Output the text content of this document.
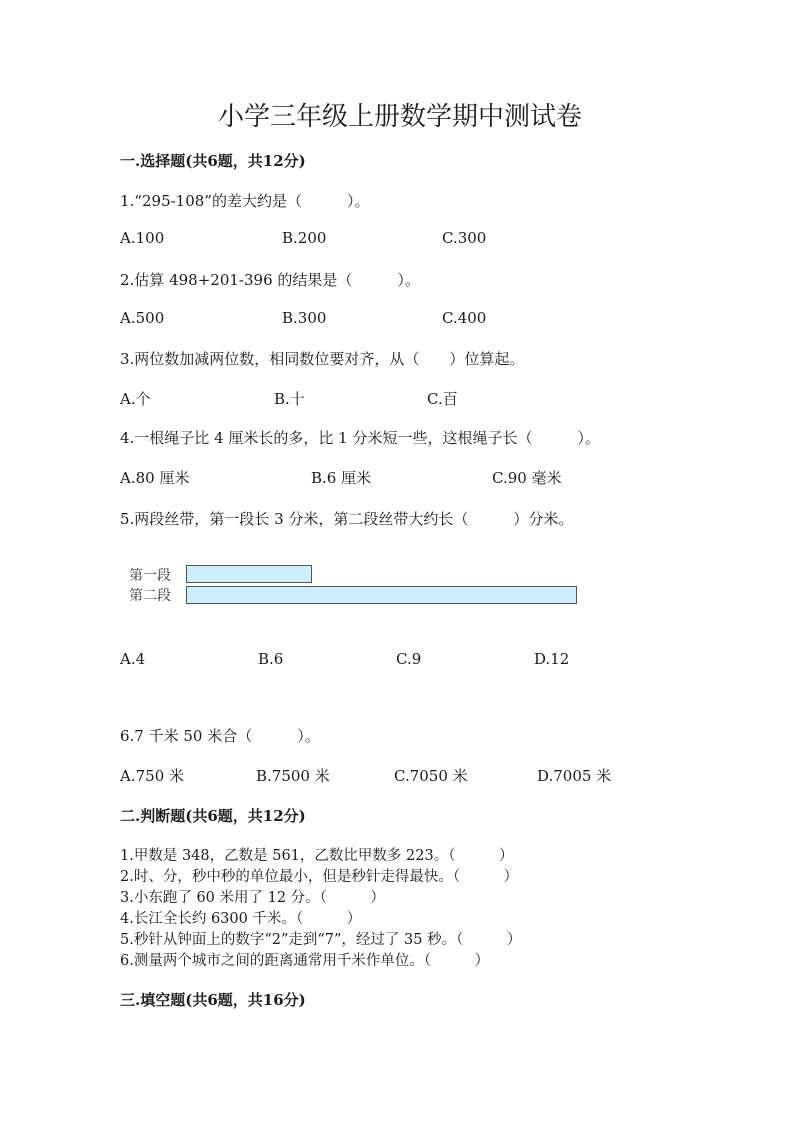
小学三年级上册数学期中测试卷
一.选择题(共6题，共12分)
1.“295-108”的差大约是（　　　）。
A.100	B.200	C.300
2.估算 498+201-396 的结果是（　　　）。
A.500	B.300	C.400
3.两位数加减两位数，相同数位要对齐，从（　　）位算起。
A.个	B.十	C.百
4.一根绳子比 4 厘米长的多，比 1 分米短一些，这根绳子长（　　　）。
A.80 厘米	B.6 厘米	C.90 毫米
5.两段丝带，第一段长 3 分米，第二段丝带大约长（　　　）分米。
第一段
第二段
A.4	B.6	C.9	D.12
6.7 千米 50 米合（　　　）。
A.750 米	B.7500 米	C.7050 米	D.7005 米
二.判断题(共6题，共12分)
1.甲数是 348，乙数是 561，乙数比甲数多 223。（　　　）
2.时、分，秒中秒的单位最小，但是秒针走得最快。（　　　）
3.小东跑了 60 米用了 12 分。（　　　）
4.长江全长约 6300 千米。（　　　）
5.秒针从钟面上的数字“2”走到“7”，经过了 35 秒。（　　　）
6.测量两个城市之间的距离通常用千米作单位。（　　　）
三.填空题(共6题，共16分)
